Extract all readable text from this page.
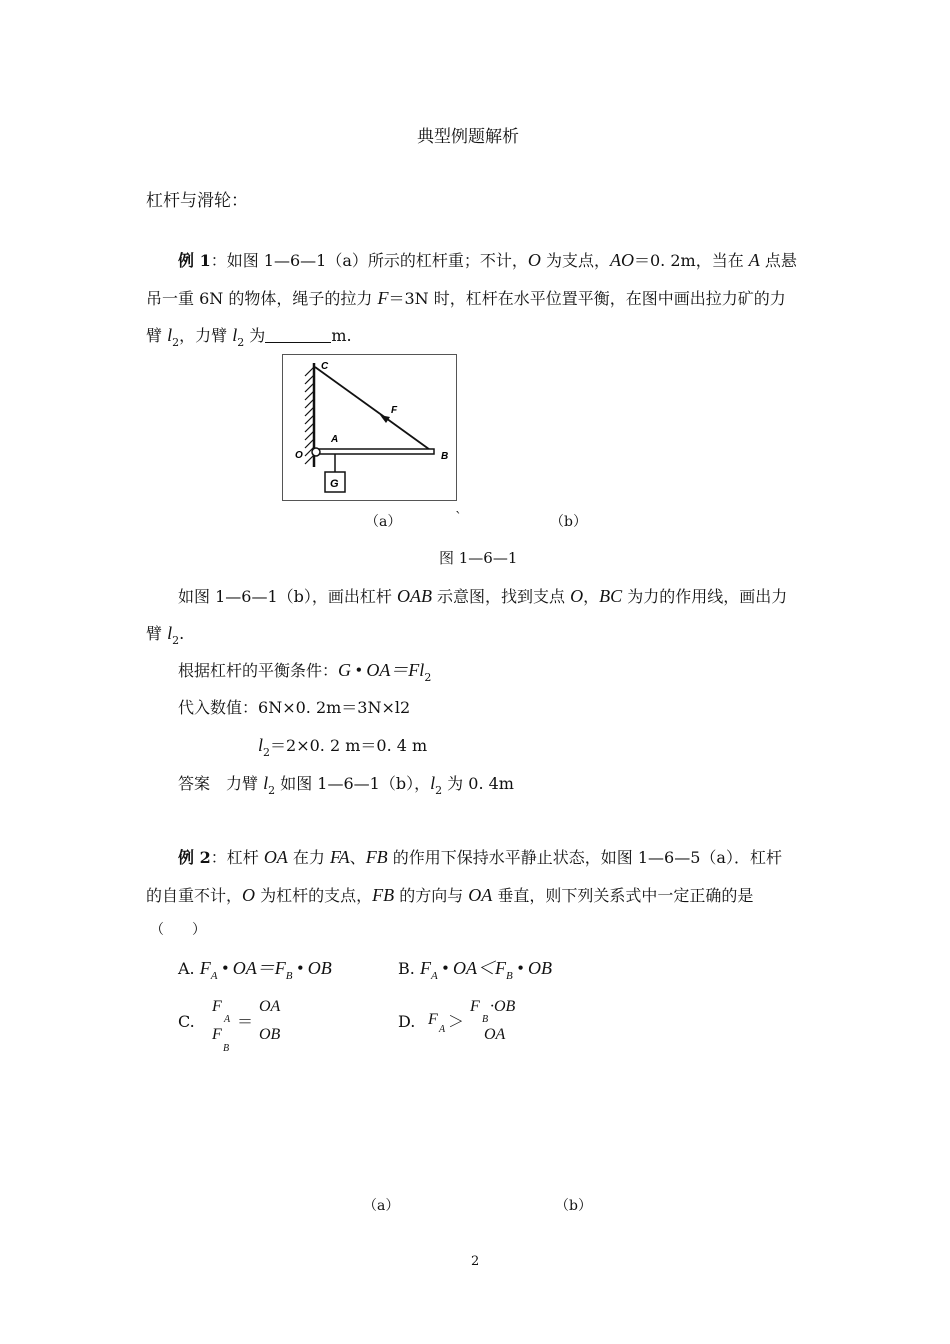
典型例题解析
杠杆与滑轮：
例 1：如图 1—6—1（a）所示的杠杆重；不计，O 为支点，AO＝0. 2m，当在 A 点悬
吊一重 6N 的物体，绳子的拉力 F＝3N 时，杠杆在水平位置平衡，在图中画出拉力矿的力
臂 $l_2$，力臂 $l_2$ 为	m.
C
F
A
O	B
G
（a）	`	（b）
图 1—6—1
如图 1—6—1（b），画出杠杆 OAB 示意图，找到支点 O，BC 为力的作用线，画出力
臂 $l_2$.
根据杠杆的平衡条件：G • $OA=Fl_2$
代入数值：6N×0. 2m＝3N×l2
$l_2=2\times 0$. 2 m＝0. 4 m
答案　力臂 $l_2$ 如图 1—6—1（b），$l_2$ 为 0. 4m
例 2：杠杆 OA 在力 FA、FB 的作用下保持水平静止状态，如图 1—6—5（a）．杠杆
的自重不计，O 为杠杆的支点，FB 的方向与 OA 垂直，则下列关系式中一定正确的是
（　　）
A. $F_A$ • $OA=F_B$ • OB	B. $F_A$ • $OA<F_B$ • OB
C.
F
A
F
B
＝
OA
OB
D. F
A ＞
F
B
·OB
OA
（a）	（b）
2
